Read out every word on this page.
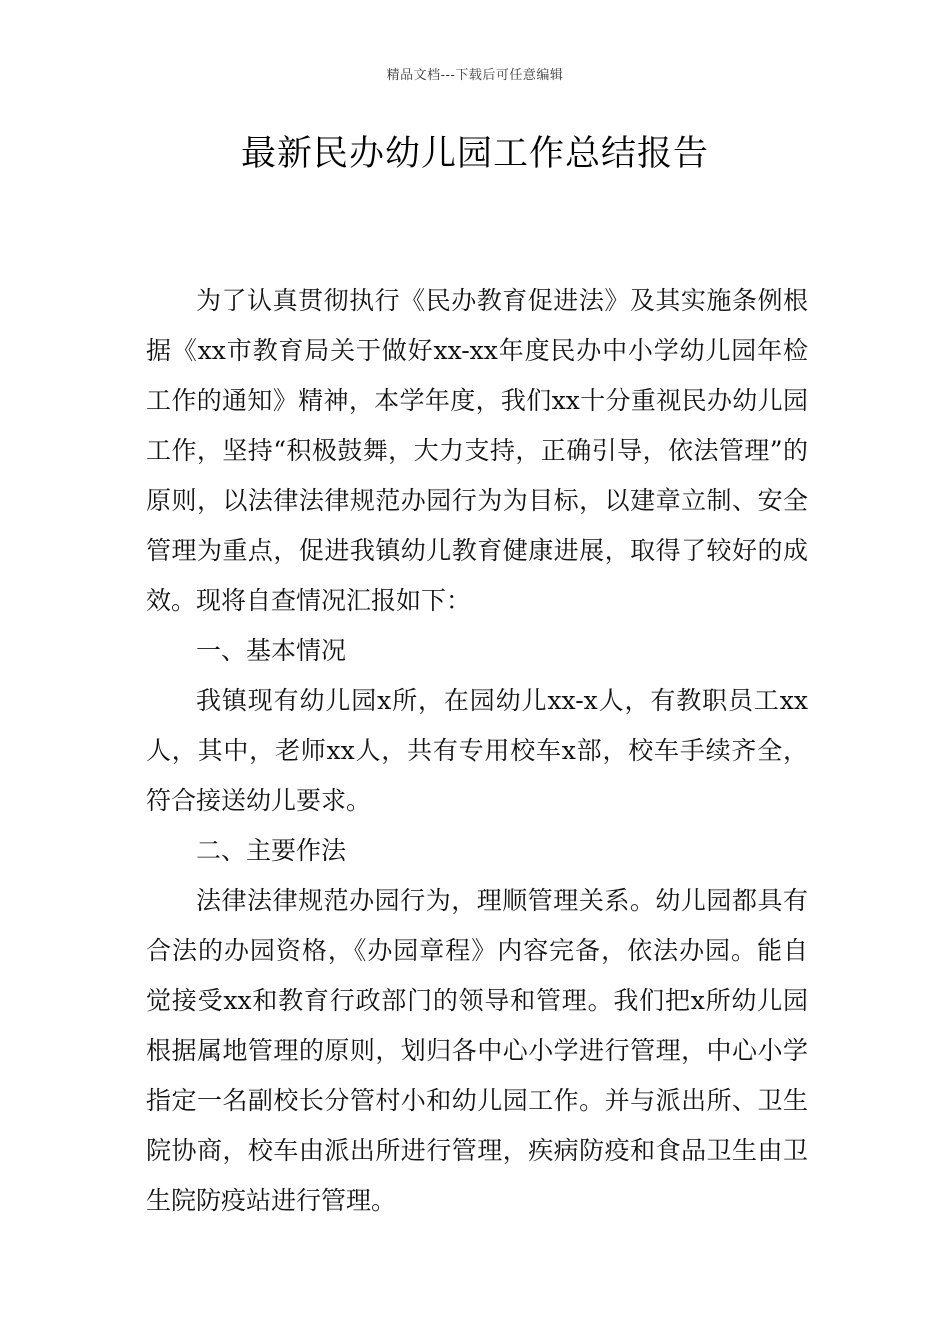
精品文档---下载后可任意编辑
最新民办幼儿园工作总结报告

为了认真贯彻执行《民办教育促进法》及其实施条例根据《xx市教育局关于做好xx-xx年度民办中小学幼儿园年检工作的通知》精神，本学年度，我们xx十分重视民办幼儿园工作，坚持“积极鼓舞，大力支持，正确引导，依法管理”的原则，以法律法律规范办园行为为目标，以建章立制、安全管理为重点，促进我镇幼儿教育健康进展，取得了较好的成效。现将自查情况汇报如下：

一、基本情况

我镇现有幼儿园x所，在园幼儿xx-x人，有教职员工xx人，其中，老师xx人，共有专用校车x部，校车手续齐全，符合接送幼儿要求。

二、主要作法

法律法律规范办园行为，理顺管理关系。幼儿园都具有合法的办园资格，《办园章程》内容完备，依法办园。能自觉接受xx和教育行政部门的领导和管理。我们把x所幼儿园根据属地管理的原则，划归各中心小学进行管理，中心小学指定一名副校长分管村小和幼儿园工作。并与派出所、卫生院协商，校车由派出所进行管理，疾病防疫和食品卫生由卫生院防疫站进行管理。
